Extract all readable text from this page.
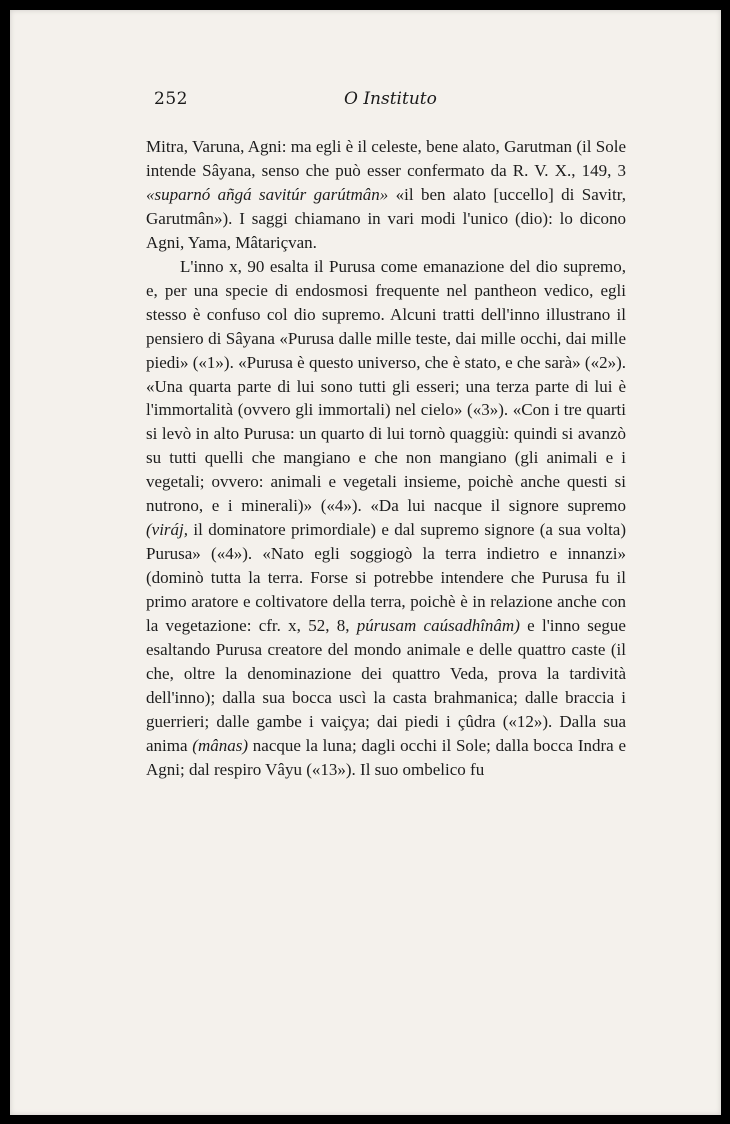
252	O Instituto

Mitra, Varuna, Agni: ma egli è il celeste, bene alato, Garutman (il Sole intende Sâyana, senso che può esser confermato da R. V. X., 149, 3 «suparnó añgá savitúr garútmân» «il ben alato [uccello] di Savitr, Garutmân»). I saggi chiamano in vari modi l'unico (dio): lo dicono Agni, Yama, Mâtariçvan.

L'inno x, 90 esalta il Purusa come emanazione del dio supremo, e, per una specie di endosmosi frequente nel pantheon vedico, egli stesso è confuso col dio supremo. Alcuni tratti dell'inno illustrano il pensiero di Sâyana «Purusa dalle mille teste, dai mille occhi, dai mille piedi» («1»). «Purusa è questo universo, che è stato, e che sarà» («2»). «Una quarta parte di lui sono tutti gli esseri; una terza parte di lui è l'immortalità (ovvero gli immortali) nel cielo» («3»). «Con i tre quarti si levò in alto Purusa: un quarto di lui tornò quaggiù: quindi si avanzò su tutti quelli che mangiano e che non mangiano (gli animali e i vegetali; ovvero: animali e vegetali insieme, poichè anche questi si nutrono, e i minerali)» («4»). «Da lui nacque il signore supremo (viráj, il dominatore primordiale) e dal supremo signore (a sua volta) Purusa» («4»). «Nato egli soggiogò la terra indietro e innanzi» (dominò tutta la terra. Forse si potrebbe intendere che Purusa fu il primo aratore e coltivatore della terra, poichè è in relazione anche con la vegetazione: cfr. x, 52, 8, púrusam caúsadhînâm) e l'inno segue esaltando Purusa creatore del mondo animale e delle quattro caste (il che, oltre la denominazione dei quattro Veda, prova la tardività dell'inno); dalla sua bocca uscì la casta brahmanica; dalle braccia i guerrieri; dalle gambe i vaiçya; dai piedi i çûdra («12»). Dalla sua anima (mânas) nacque la luna; dagli occhi il Sole; dalla bocca Indra e Agni; dal respiro Vâyu («13»). Il suo ombelico fu
